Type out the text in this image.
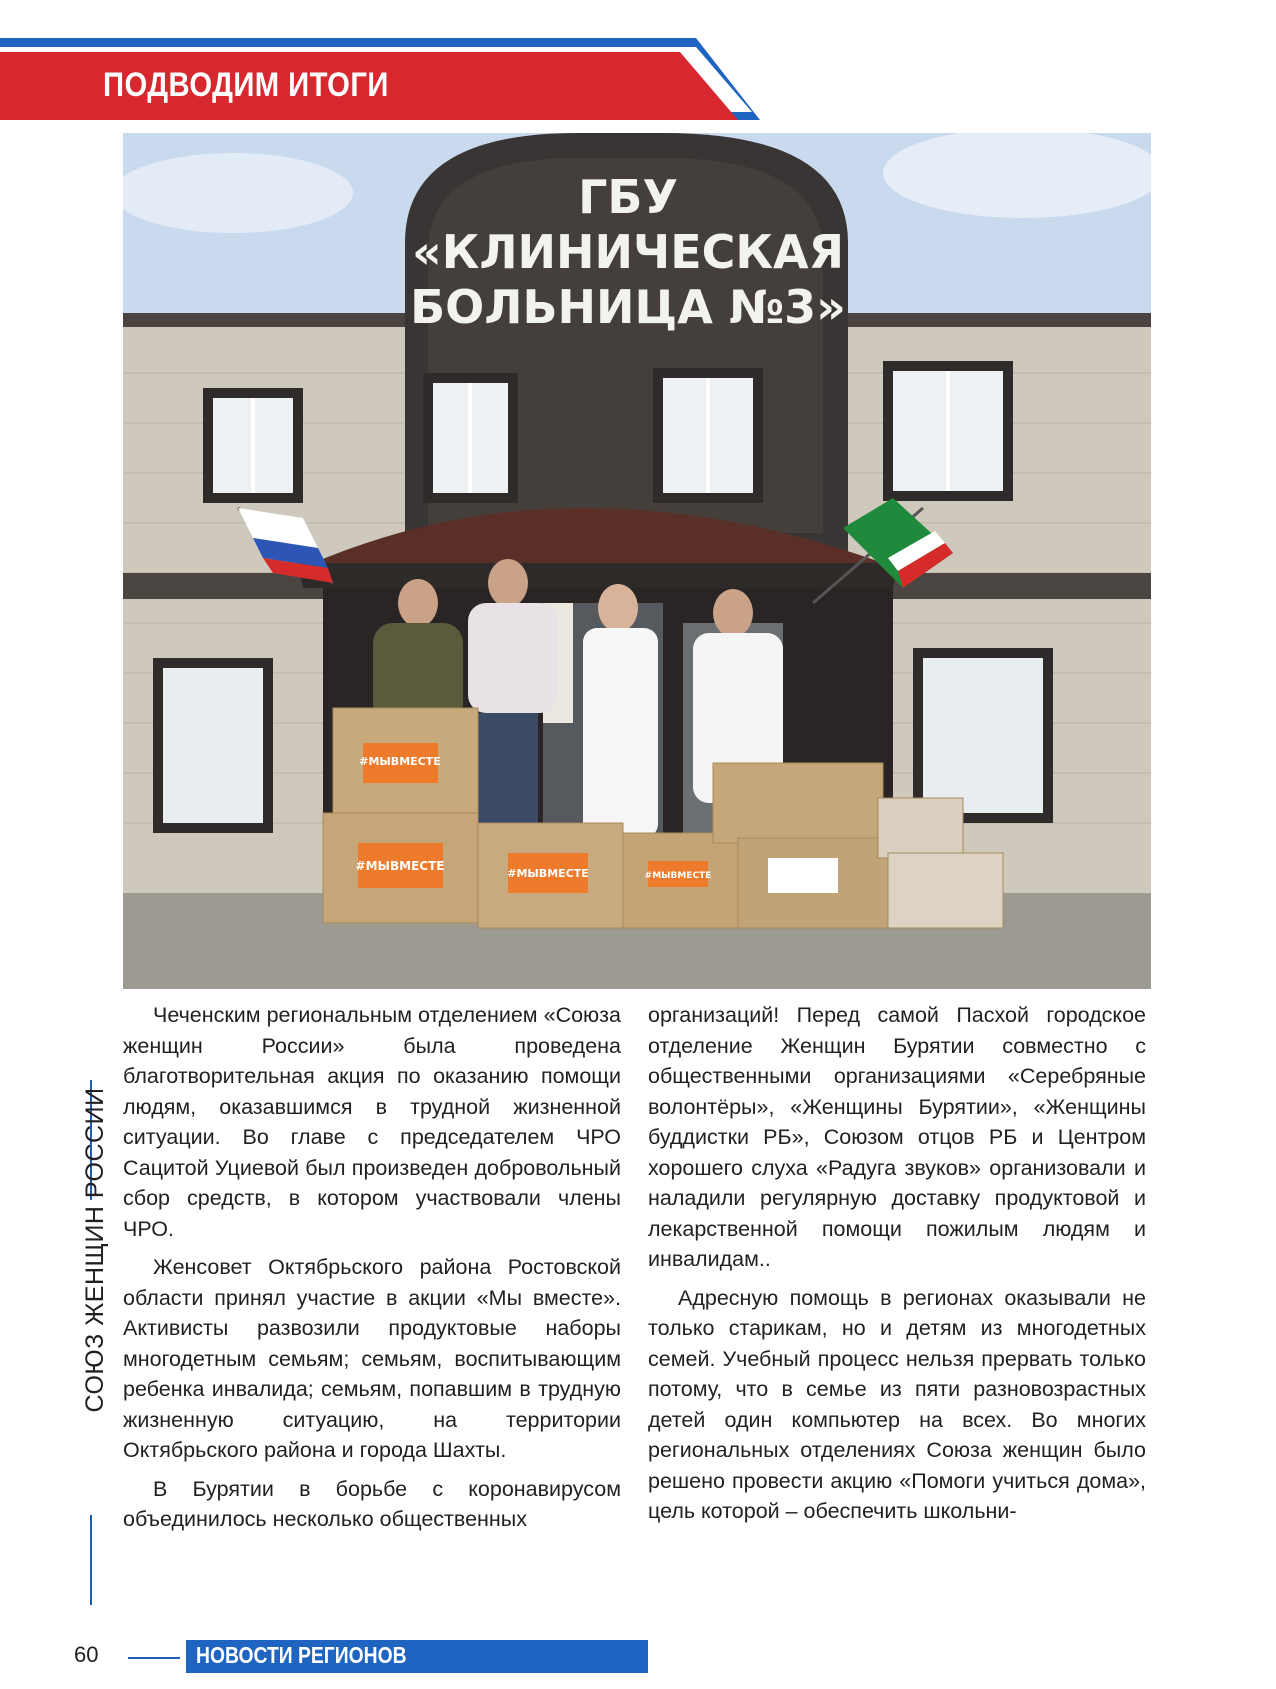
ПОДВОДИМ ИТОГИ
ГБУ
«КЛИНИЧЕСКАЯ
БОЛЬНИЦА №3»
#МЫВМЕСТЕ
#МЫВМЕСТЕ
#МЫВМЕСТЕ	#МЫВМЕСТЕ
СОЮЗ ЖЕНЩИН РОССИИ

Чеченским региональным отделением «Союза женщин России» была проведена благотворительная акция по оказанию помощи людям, оказавшимся в трудной жизненной ситуации. Во главе с председателем ЧРО Сацитой Уциевой был произведен добровольный сбор средств, в котором участвовали члены ЧРО.

Женсовет Октябрьского района Ростовской области принял участие в акции «Мы вместе». Активисты развозили продуктовые наборы многодетным семьям; семьям, воспитывающим ребенка инвалида; семьям, попавшим в трудную жизненную ситуацию, на территории Октябрьского района и города Шахты.

В Бурятии в борьбе с коронавирусом объединилось несколько общественных

организаций! Перед самой Пасхой городское отделение Женщин Бурятии совместно с общественными организациями «Серебряные волонтёры», «Женщины Бурятии», «Женщины буддистки РБ», Союзом отцов РБ и Центром хорошего слуха «Радуга звуков» организовали и наладили регулярную доставку продуктовой и лекарственной помощи пожилым людям и инвалидам..

Адресную помощь в регионах оказывали не только старикам, но и детям из многодетных семей. Учебный процесс нельзя прервать только потому, что в семье из пяти разновозрастных детей один компьютер на всех. Во многих региональных отделениях Союза женщин было решено провести акцию «Помоги учиться дома», цель которой – обеспечить школьни-

60	НОВОСТИ РЕГИОНОВ
